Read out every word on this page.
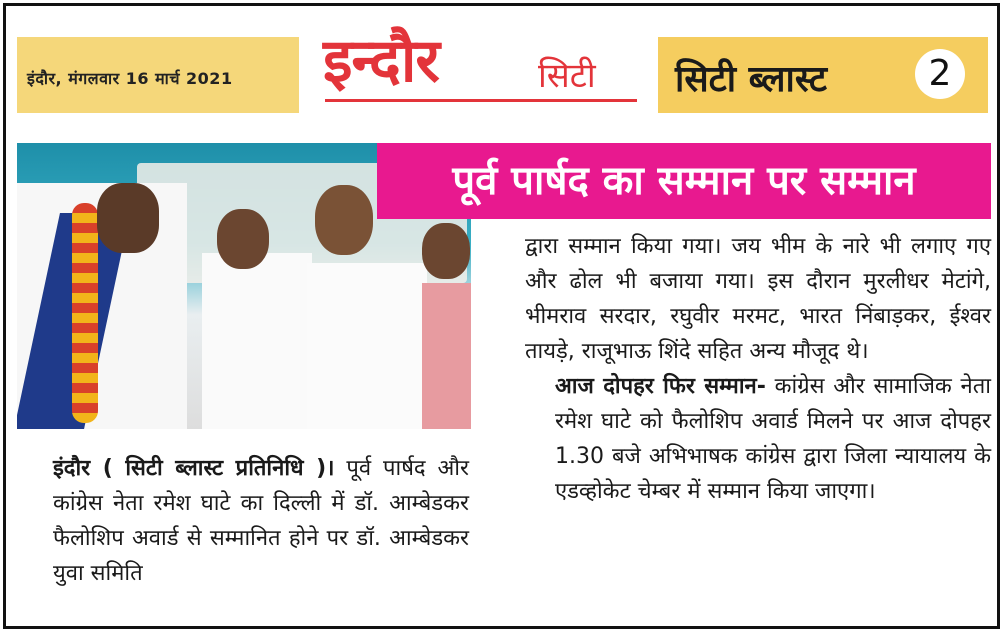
इंदौर, मंगलवार 16 मार्च 2021 इन्दौर	सिटी सिटी ब्लास्ट	2
पूर्व पार्षद का सम्मान पर सम्मान

द्वारा सम्मान किया गया। जय भीम के नारे भी लगाए गए और ढोल भी बजाया गया। इस दौरान मुरलीधर मेटांगे, भीमराव सरदार, रघुवीर मरमट, भारत निंबाड़कर, ईश्वर तायड़े, राजूभाऊ शिंदे सहित अन्य मौजूद थे।

आज दोपहर फिर सम्मान- कांग्रेस और सामाजिक नेता रमेश घाटे को फैलोशिप अवार्ड मिलने पर आज दोपहर 1.30 बजे अभिभाषक कांग्रेस द्वारा जिला न्यायालय के एडव्होकेट चेम्बर में सम्मान किया जाएगा।

इंदौर ( सिटी ब्लास्ट प्रतिनिधि )। पूर्व पार्षद और कांग्रेस नेता रमेश घाटे का दिल्ली में डॉ. आम्बेडकर फैलोशिप अवार्ड से सम्मानित होने पर डॉ. आम्बेडकर युवा समिति
